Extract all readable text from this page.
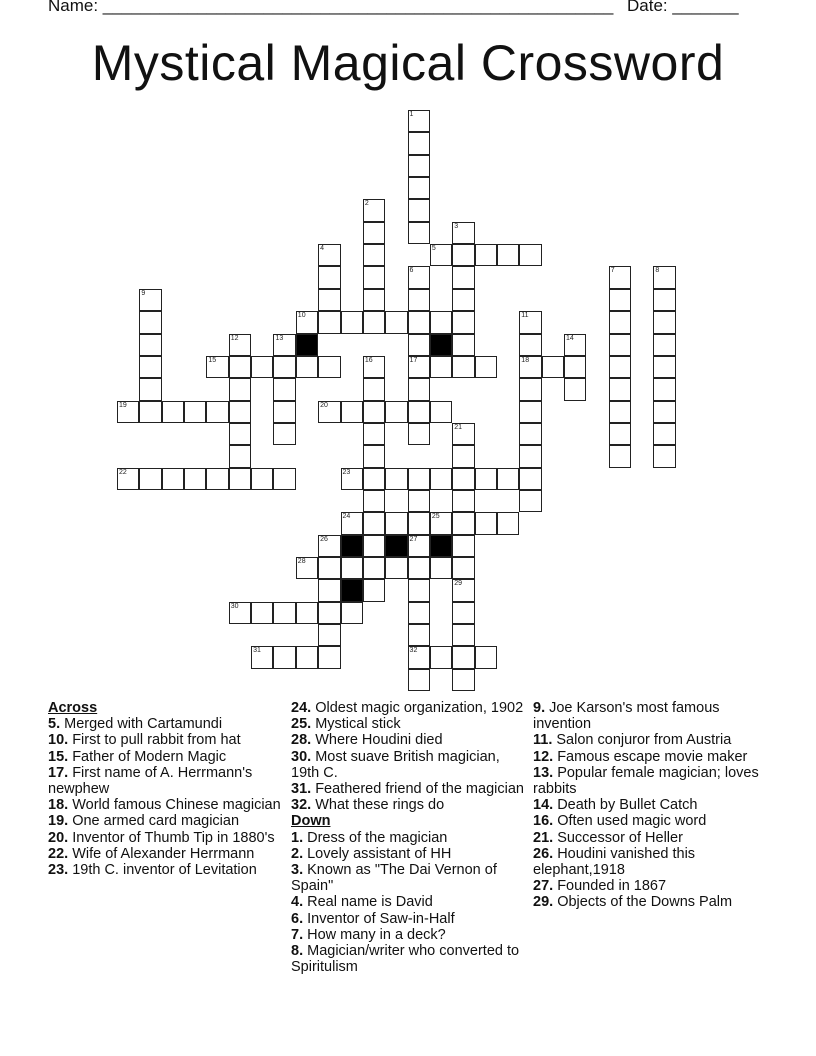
Name: ______________________________________________________ Date: _______
Mystical Magical Crossword
1
2
3
4	5
6
17
7	8
9
10	11
18
12	13	14
15	16
19	20
21
29
22	23
27
32
24	25
26
28
30
31
Across
5. Merged with Cartamundi
10. First to pull rabbit from hat
15. Father of Modern Magic
17. First name of A. Herrmann's newphew
18. World famous Chinese magician
19. One armed card magician
20. Inventor of Thumb Tip in 1880's
22. Wife of Alexander Herrmann
23. 19th C. inventor of Levitation
24. Oldest magic organization, 1902
25. Mystical stick
28. Where Houdini died
30. Most suave British magician, 19th C.
31. Feathered friend of the magician
32. What these rings do
Down
1. Dress of the magician
2. Lovely assistant of HH
3. Known as "The Dai Vernon of Spain"
4. Real name is David
6. Inventor of Saw-in-Half
7. How many in a deck?
8. Magician/writer who converted to Spiritulism
9. Joe Karson's most famous invention
11. Salon conjuror from Austria
12. Famous escape movie maker
13. Popular female magician; loves rabbits
14. Death by Bullet Catch
16. Often used magic word
21. Successor of Heller
26. Houdini vanished this elephant,1918
27. Founded in 1867
29. Objects of the Downs Palm
